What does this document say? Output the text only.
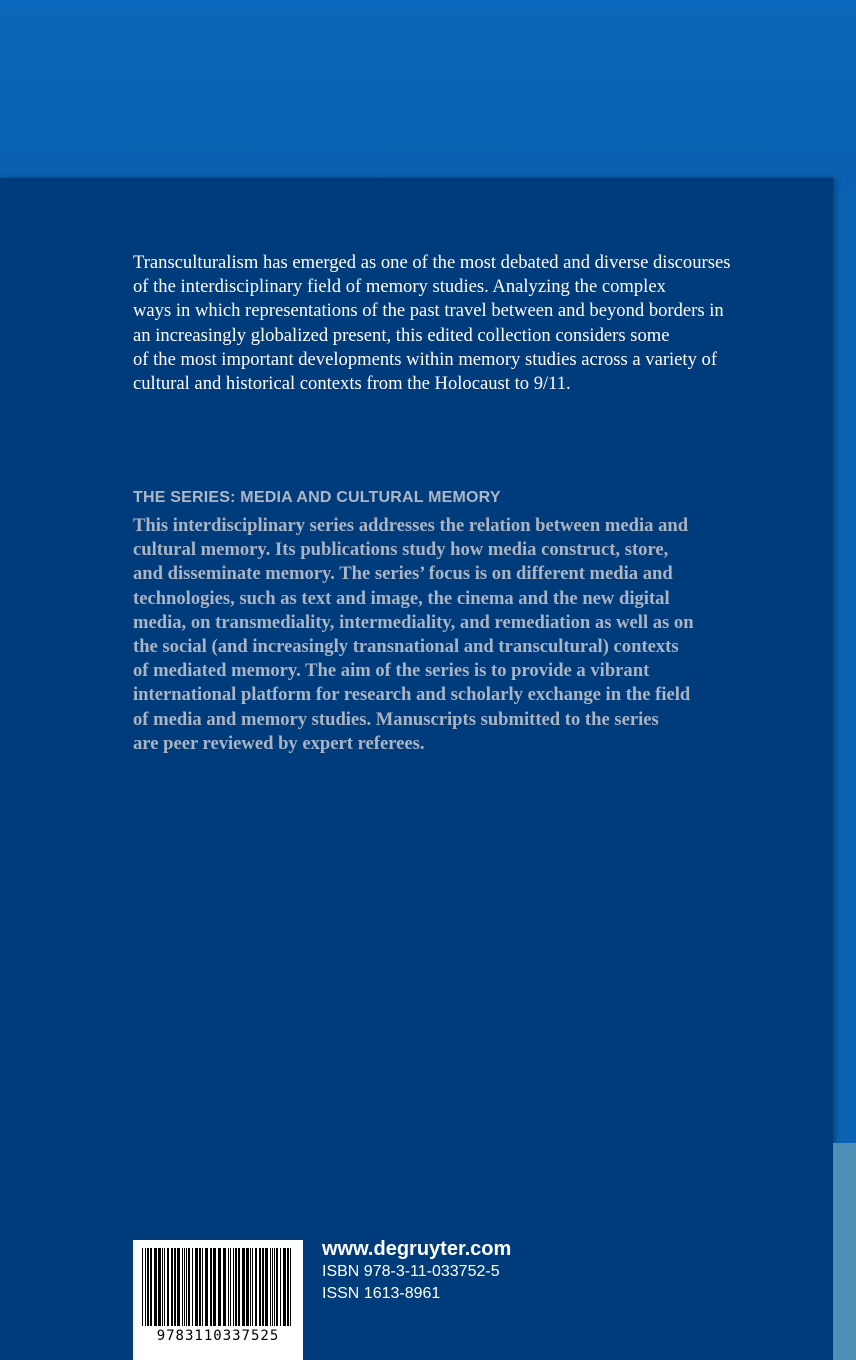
Transculturalism has emerged as one of the most debated and diverse discourses
of the interdisciplinary field of memory studies. Analyzing the complex
ways in which representations of the past travel between and beyond borders in
an increasingly globalized present, this edited collection considers some
of the most important developments within memory studies across a variety of
cultural and historical contexts from the Holocaust to 9/11.

THE SERIES: MEDIA AND CULTURAL MEMORY

This interdisciplinary series addresses the relation between media and
cultural memory. Its publications study how media construct, store,
and disseminate memory. The series’ focus is on different media and
technologies, such as text and image, the cinema and the new digital
media, on transmediality, intermediality, and remediation as well as on
the social (and increasingly transnational and transcultural) contexts
of mediated memory. The aim of the series is to provide a vibrant
international platform for research and scholarly exchange in the field
of media and memory studies. Manuscripts submitted to the series
are peer reviewed by expert referees.

9783110337525
www.degruyter.com
ISBN 978-3-11-033752-5
ISSN 1613-8961
